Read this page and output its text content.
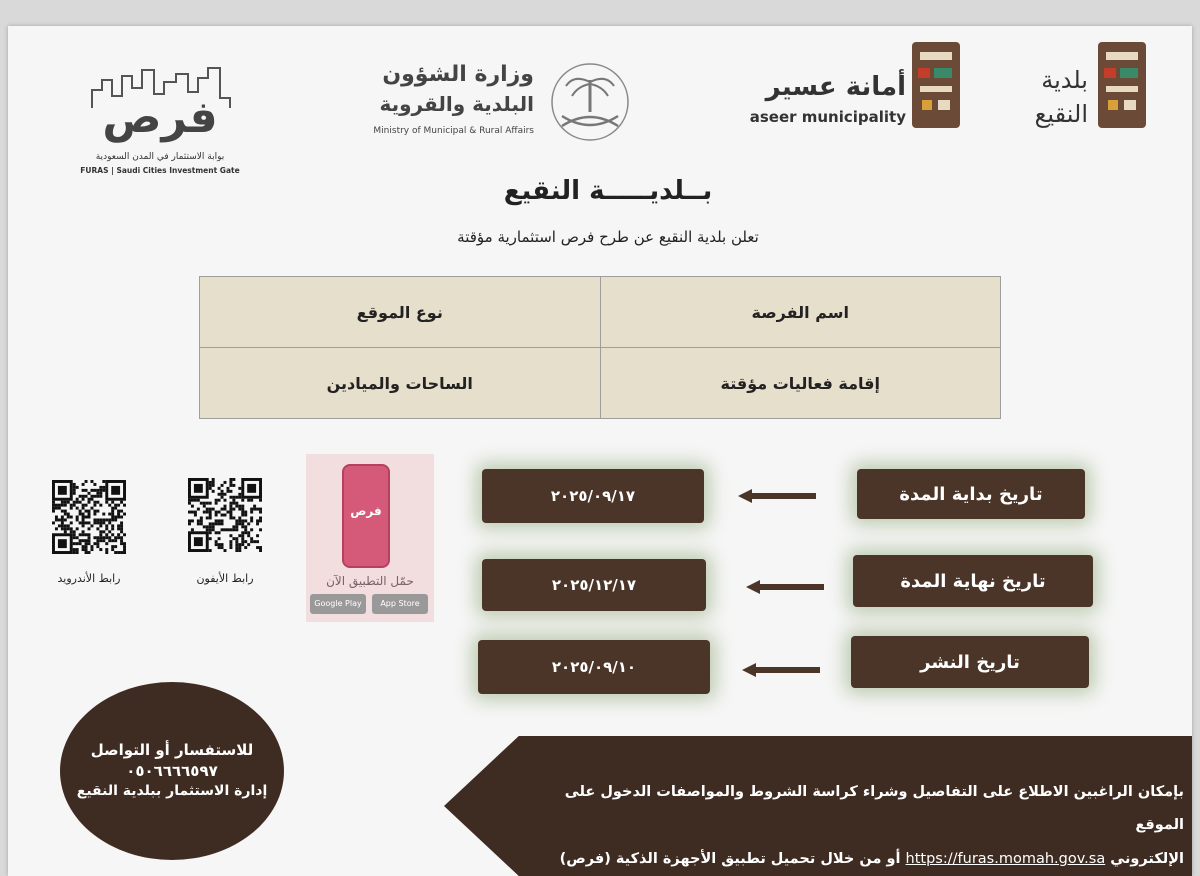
فرص
بوابة الاستثمار في المدن السعودية
FURAS | Saudi Cities Investment Gate
وزارة الشؤون
البلدية والقروية
Ministry of Municipal & Rural Affairs
أمانة عسير
aseer municipality
بلدية
النقيع
بــلديـــــة النقيع
تعلن بلدية النقيع عن طرح فرص استثمارية مؤقتة
اسم الفرصة	نوع الموقع
إقامة فعاليات مؤقتة	الساحات والميادين
تاريخ بداية المدة
٢٠٢٥/٠٩/١٧
تاريخ نهاية المدة
٢٠٢٥/١٢/١٧
تاريخ النشر
٢٠٢٥/٠٩/١٠
فرص
حمّل التطبيق الآن
Google Play	App Store
رابط الأيفون
رابط الأندرويد
للاستفسار أو التواصل
٠٥٠٦٦٦٦٥٩٧
إدارة الاستثمار ببلدية النقيع	بإمكان الراغبين الاطلاع على التفاصيل وشراء كراسة الشروط والمواصفات الدخول على الموقع
الإلكتروني https://furas.momah.gov.sa أو من خلال تحميل تطبيق الأجهزة الذكية (فرص)
